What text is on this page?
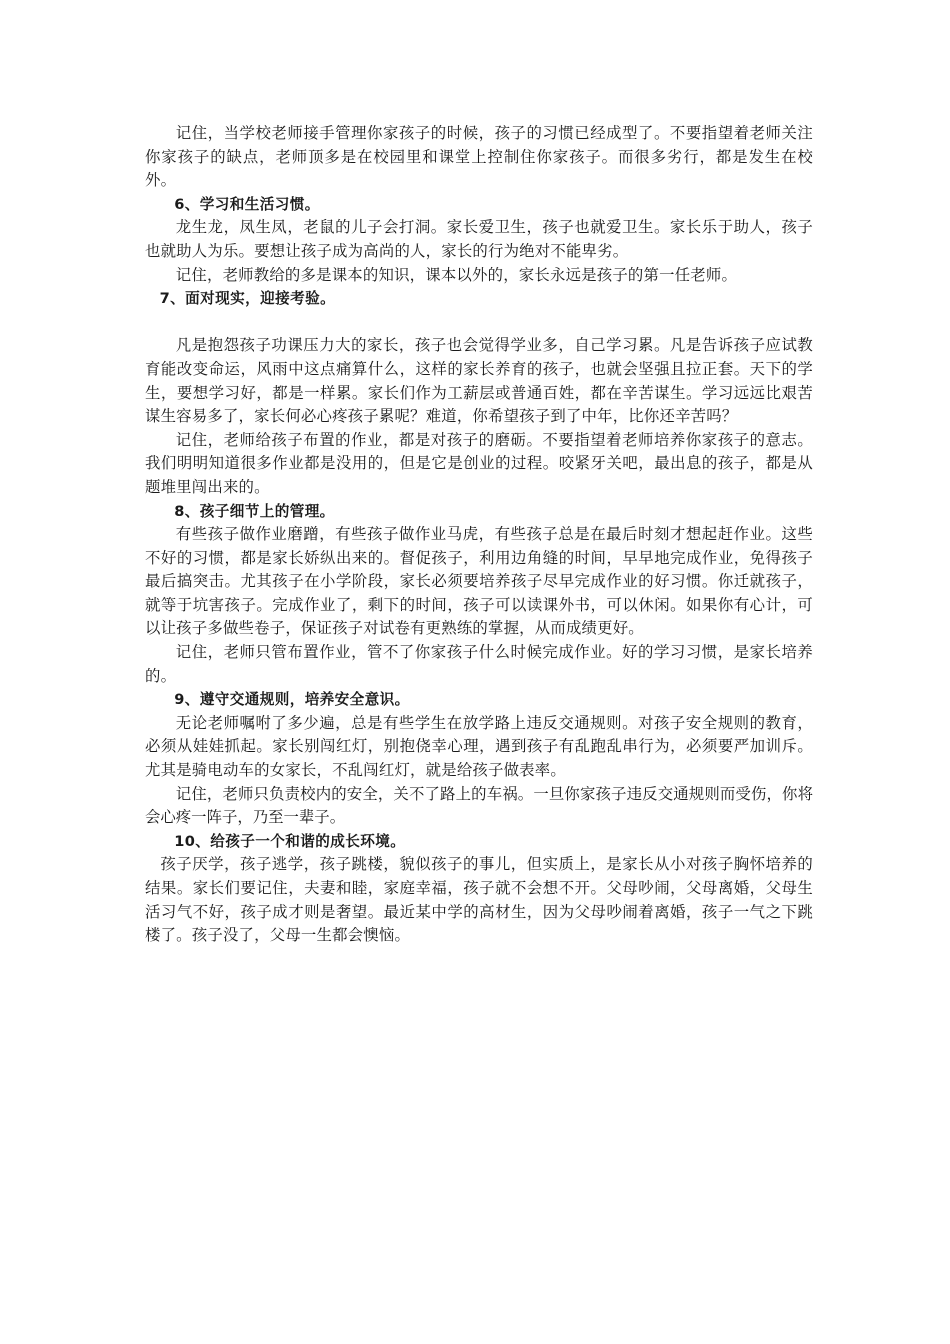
记住，当学校老师接手管理你家孩子的时候，孩子的习惯已经成型了。不要指望着老师关注你家孩子的缺点，老师顶多是在校园里和课堂上控制住你家孩子。而很多劣行，都是发生在校外。

6、学习和生活习惯。

龙生龙，凤生凤，老鼠的儿子会打洞。家长爱卫生，孩子也就爱卫生。家长乐于助人，孩子也就助人为乐。要想让孩子成为高尚的人，家长的行为绝对不能卑劣。

记住，老师教给的多是课本的知识，课本以外的，家长永远是孩子的第一任老师。

7、面对现实，迎接考验。

凡是抱怨孩子功课压力大的家长，孩子也会觉得学业多，自己学习累。凡是告诉孩子应试教育能改变命运，风雨中这点痛算什么，这样的家长养育的孩子，也就会坚强且拉正套。天下的学生，要想学习好，都是一样累。家长们作为工薪层或普通百姓，都在辛苦谋生。学习远远比艰苦谋生容易多了，家长何必心疼孩子累呢？难道，你希望孩子到了中年，比你还辛苦吗？

记住，老师给孩子布置的作业，都是对孩子的磨砺。不要指望着老师培养你家孩子的意志。我们明明知道很多作业都是没用的，但是它是创业的过程。咬紧牙关吧，最出息的孩子，都是从题堆里闯出来的。

8、孩子细节上的管理。

有些孩子做作业磨蹭，有些孩子做作业马虎，有些孩子总是在最后时刻才想起赶作业。这些不好的习惯，都是家长娇纵出来的。督促孩子，利用边角缝的时间，早早地完成作业，免得孩子最后搞突击。尤其孩子在小学阶段，家长必须要培养孩子尽早完成作业的好习惯。你迁就孩子，就等于坑害孩子。完成作业了，剩下的时间，孩子可以读课外书，可以休闲。如果你有心计，可以让孩子多做些卷子，保证孩子对试卷有更熟练的掌握，从而成绩更好。

记住，老师只管布置作业，管不了你家孩子什么时候完成作业。好的学习习惯，是家长培养的。

9、遵守交通规则，培养安全意识。

无论老师嘱咐了多少遍，总是有些学生在放学路上违反交通规则。对孩子安全规则的教育，必须从娃娃抓起。家长别闯红灯，别抱侥幸心理，遇到孩子有乱跑乱串行为，必须要严加训斥。尤其是骑电动车的女家长，不乱闯红灯，就是给孩子做表率。

记住，老师只负责校内的安全，关不了路上的车祸。一旦你家孩子违反交通规则而受伤，你将会心疼一阵子，乃至一辈子。

10、给孩子一个和谐的成长环境。

孩子厌学，孩子逃学，孩子跳楼，貌似孩子的事儿，但实质上，是家长从小对孩子胸怀培养的结果。家长们要记住，夫妻和睦，家庭幸福，孩子就不会想不开。父母吵闹，父母离婚，父母生活习气不好，孩子成才则是奢望。最近某中学的高材生，因为父母吵闹着离婚，孩子一气之下跳楼了。孩子没了，父母一生都会懊恼。
